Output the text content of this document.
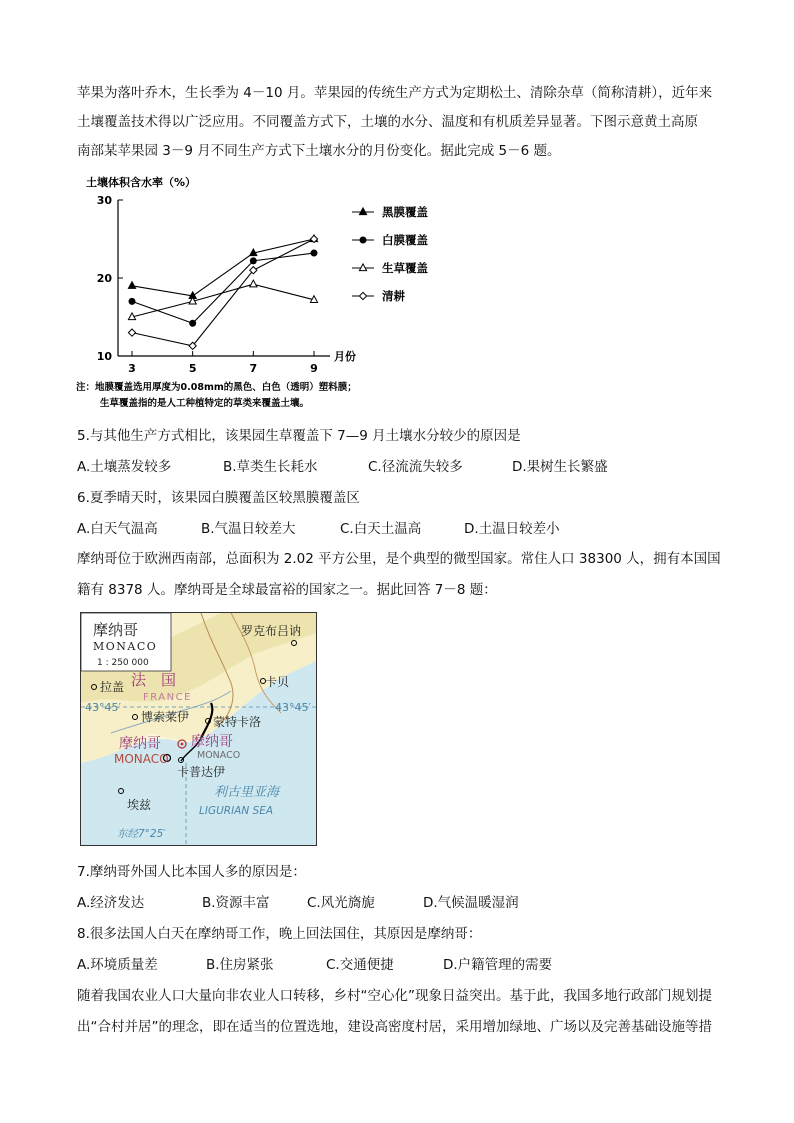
苹果为落叶乔木，生长季为 4－10 月。苹果园的传统生产方式为定期松土、清除杂草（简称清耕），近年来
土壤覆盖技术得以广泛应用。不同覆盖方式下，土壤的水分、温度和有机质差异显著。下图示意黄土高原
南部某苹果园 3－9 月不同生产方式下土壤水分的月份变化。据此完成 5－6 题。
土壤体积含水率（%）
10
20
30
3	5	7	9
月份
黑膜覆盖
白膜覆盖
生草覆盖
清耕
注：地膜覆盖选用厚度为0.08mm的黑色、白色（透明）塑料膜；
生草覆盖指的是人工种植特定的草类来覆盖土壤。
5.与其他生产方式相比，该果园生草覆盖下 7—9 月土壤水分较少的原因是
A.土壤蒸发较多	B.草类生长耗水	C.径流流失较多	D.果树生长繁盛
6.夏季晴天时，该果园白膜覆盖区较黑膜覆盖区
A.白天气温高	B.气温日较差大	C.白天土温高	D.土温日较差小
摩纳哥位于欧洲西南部，总面积为 2.02 平方公里，是个典型的微型国家。常住人口 38300 人，拥有本国国
籍有 8378 人。摩纳哥是全球最富裕的国家之一。据此回答 7－8 题：
摩纳哥
MONACO
1 : 250 000
罗克布吕讷
拉盖 法　国
FRANCE
卡贝
43°45′	43°45′
博索莱伊 蒙特卡洛
摩纳哥
MONACO
摩纳哥
MONACO
卡普达伊
埃兹
利古里亚海
LIGURIAN SEA
东经7°25′
7.摩纳哥外国人比本国人多的原因是：
A.经济发达	B.资源丰富	C.风光旖旎	D.气候温暖湿润
8.很多法国人白天在摩纳哥工作，晚上回法国住，其原因是摩纳哥：
A.环境质量差	B.住房紧张	C.交通便捷	D.户籍管理的需要
随着我国农业人口大量向非农业人口转移，乡村“空心化”现象日益突出。基于此，我国多地行政部门规划提
出“合村并居”的理念，即在适当的位置选地，建设高密度村居，采用增加绿地、广场以及完善基础设施等措
